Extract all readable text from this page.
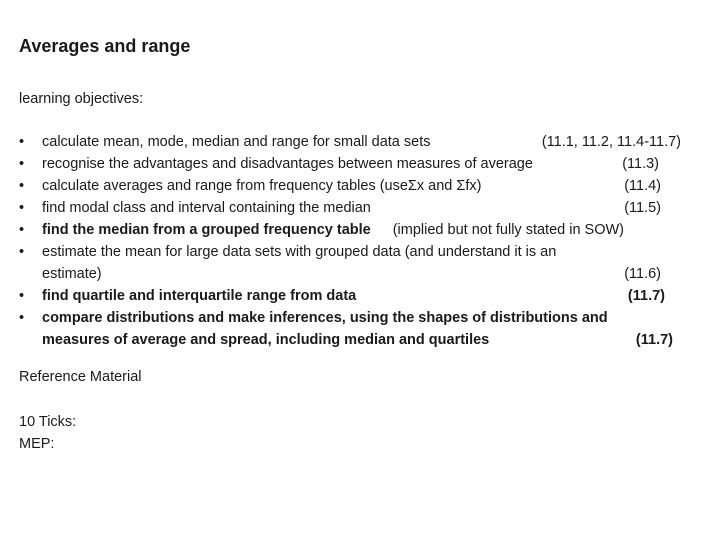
Averages and range
learning objectives:
•	calculate mean, mode, median and range for small data sets	(11.1, 11.2, 11.4-11.7)
•	recognise the advantages and disadvantages between measures of average	(11.3)
•	calculate averages and range from frequency tables (useΣx and Σfx)	(11.4)
•	find modal class and interval containing the median	(11.5)
•	find the median from a grouped frequency table (implied but not fully stated in SOW)
•	estimate the mean for large data sets with grouped data (and understand it is an
estimate)	(11.6)
•	find quartile and interquartile range from data	(11.7)
•	compare distributions and make inferences, using the shapes of distributions and
measures of average and spread, including median and quartiles	(11.7)
Reference Material
10 Ticks:
MEP:
